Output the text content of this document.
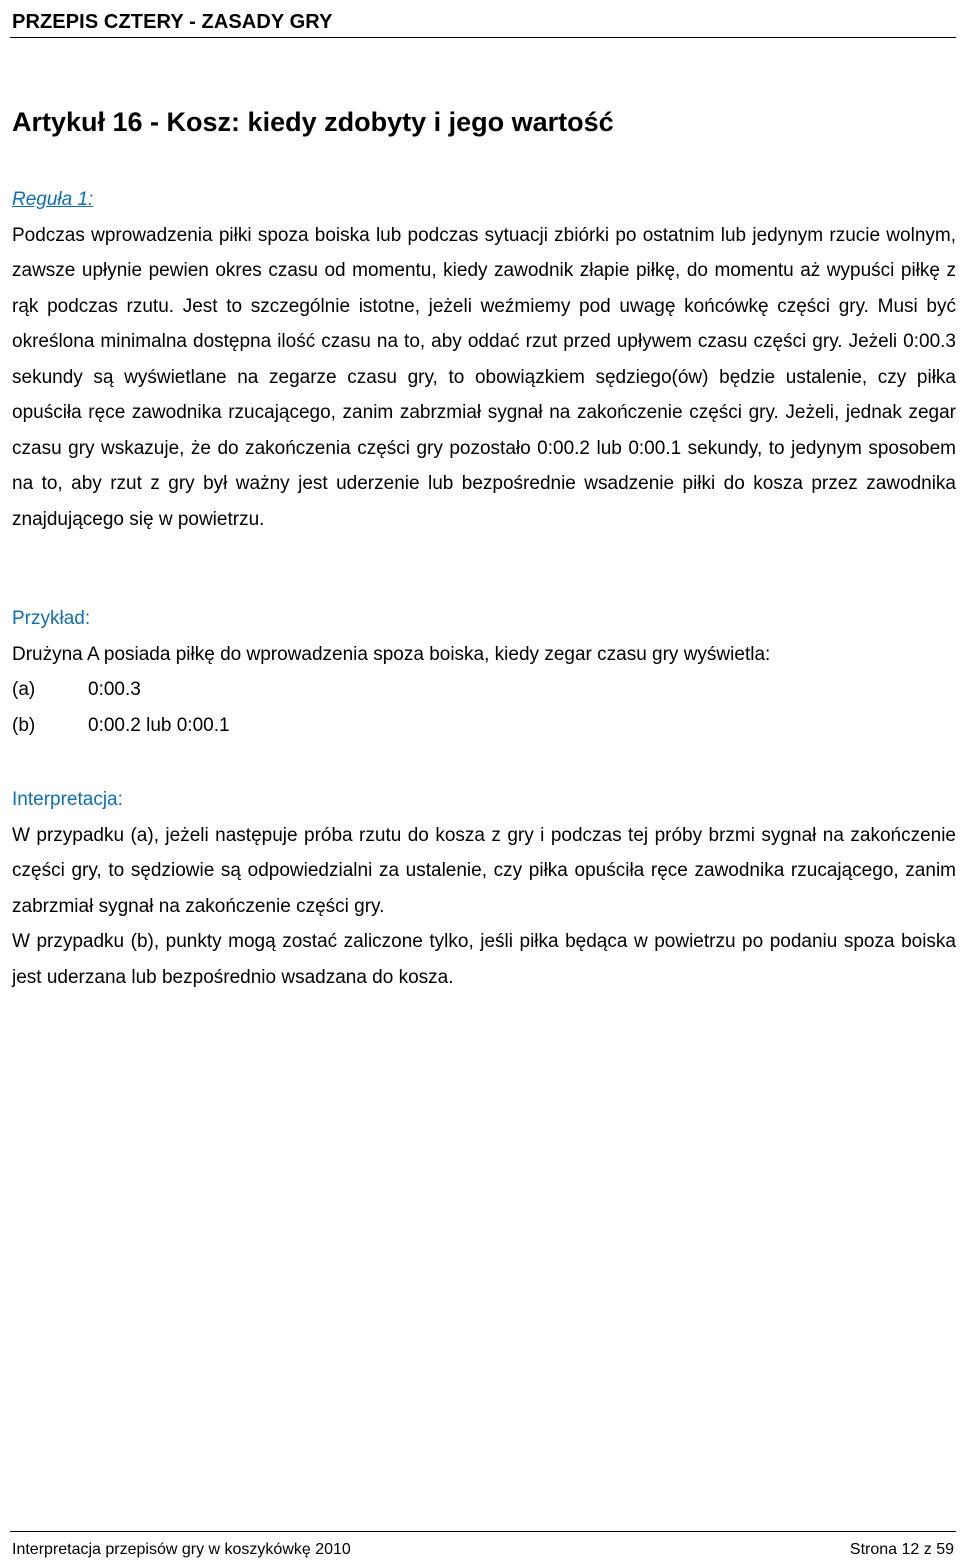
PRZEPIS CZTERY - ZASADY GRY
Artykuł 16 - Kosz: kiedy zdobyty i jego wartość
Reguła 1:

Podczas wprowadzenia piłki spoza boiska lub podczas sytuacji zbiórki po ostatnim lub jedynym rzucie wolnym, zawsze upłynie pewien okres czasu od momentu, kiedy zawodnik złapie piłkę, do momentu aż wypuści piłkę z rąk podczas rzutu. Jest to szczególnie istotne, jeżeli weźmiemy pod uwagę końcówkę części gry. Musi być określona minimalna dostępna ilość czasu na to, aby oddać rzut przed upływem czasu części gry. Jeżeli 0:00.3 sekundy są wyświetlane na zegarze czasu gry, to obowiązkiem sędziego(ów) będzie ustalenie, czy piłka opuściła ręce zawodnika rzucającego, zanim zabrzmiał sygnał na zakończenie części gry. Jeżeli, jednak zegar czasu gry wskazuje, że do zakończenia części gry pozostało 0:00.2 lub 0:00.1 sekundy, to jedynym sposobem na to, aby rzut z gry był ważny jest uderzenie lub bezpośrednie wsadzenie piłki do kosza przez zawodnika znajdującego się w powietrzu.

Przykład:
Drużyna A posiada piłkę do wprowadzenia spoza boiska, kiedy zegar czasu gry wyświetla:
(a)	0:00.3
(b)	0:00.2 lub 0:00.1
Interpretacja:

W przypadku (a), jeżeli następuje próba rzutu do kosza z gry i podczas tej próby brzmi sygnał na zakończenie części gry, to sędziowie są odpowiedzialni za ustalenie, czy piłka opuściła ręce zawodnika rzucającego, zanim zabrzmiał sygnał na zakończenie części gry.

W przypadku (b), punkty mogą zostać zaliczone tylko, jeśli piłka będąca w powietrzu po podaniu spoza boiska jest uderzana lub bezpośrednio wsadzana do kosza.

Interpretacja przepisów gry w koszykówkę 2010	Strona 12 z 59
